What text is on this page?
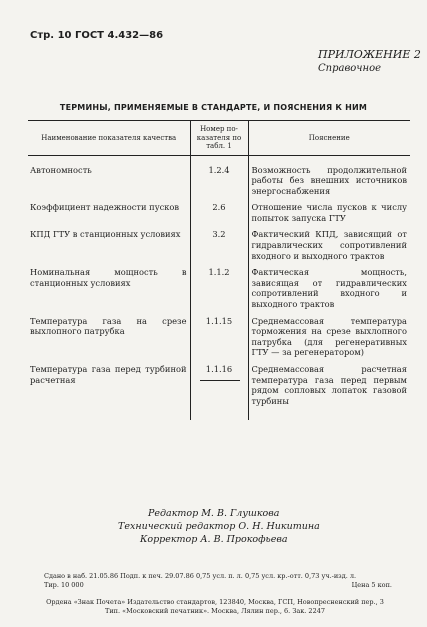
Стр. 10 ГОСТ 4.432—86
ПРИЛОЖЕНИЕ 2
Справочное
ТЕРМИНЫ, ПРИМЕНЯЕМЫЕ В СТАНДАРТЕ, И ПОЯСНЕНИЯ К НИМ
Наименование показателя качества	Номер по-казателя по табл. 1	Пояснение
Автономность	1.2.4	Возможность продолжительной работы без внешних источников энергоснабжения
Коэффициент надежности пусков	2.6	Отношение числа пусков к числу попыток запуска ГТУ
КПД ГТУ в станционных условиях	3.2	Фактический КПД, зависящий от гидравлических сопротивлений входного и выходного трактов
Номинальная мощность в станционных условиях	1.1.2	Фактическая мощность, зависящая от гидравлических сопротивлений входного и выходного трактов
Температура газа на срезе выхлопного патрубка	1.1.15	Среднемассовая температура торможения на срезе выхлопного патрубка (для регенеративных ГТУ — за регенератором)
Температура газа перед турбиной расчетная	1.1.16	Среднемассовая расчетная температура газа перед первым рядом сопловых лопаток газовой турбины
Редактор М. В. Глушкова
Технический редактор О. Н. Никитина
Корректор А. В. Прокофьева
Сдано в наб. 21.05.86 Подп. к печ. 29.07.86 0,75 усл. п. л. 0,75 усл. кр.-отт. 0,73 уч.-изд. л.
Тир. 10 000	Цена 5 коп.
Ордена «Знак Почета» Издательство стандартов, 123840, Москва, ГСП, Новопресненский пер., 3
Тип. «Московский печатник». Москва, Лялин пер., 6. Зак. 2247
